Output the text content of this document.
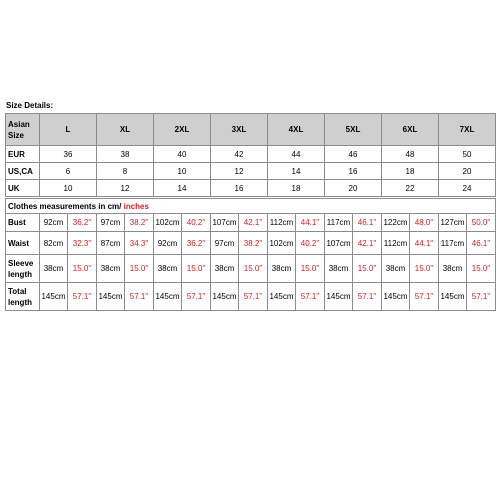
Size Details:
Asian Size	L	XL	2XL	3XL	4XL	5XL	6XL	7XL
EUR	36	38	40	42	44	46	48	50
US,CA	6	8	10	12	14	16	18	20
UK	10	12	14	16	18	20	22	24
Clothes measurements in cm/ inches																
Bust	92cm	36.2"	97cm	38.2"	102cm	40.2"	107cm	42.1"	112cm	44.1"	117cm	46.1"	122cm	48.0"	127cm	50.0"
Waist	82cm	32.3"	87cm	34.3"	92cm	36.2"	97cm	38.2"	102cm	40.2"	107cm	42.1"	112cm	44.1"	117cm	46.1"
Sleeve length	38cm	15.0"	38cm	15.0"	38cm	15.0"	38cm	15.0"	38cm	15.0"	38cm	15.0"	38cm	15.0"	38cm	15.0"
Total length	145cm	57.1"	145cm	57.1"	145cm	57.1"	145cm	57.1"	145cm	57.1"	145cm	57.1"	145cm	57.1"	145cm	57.1"
